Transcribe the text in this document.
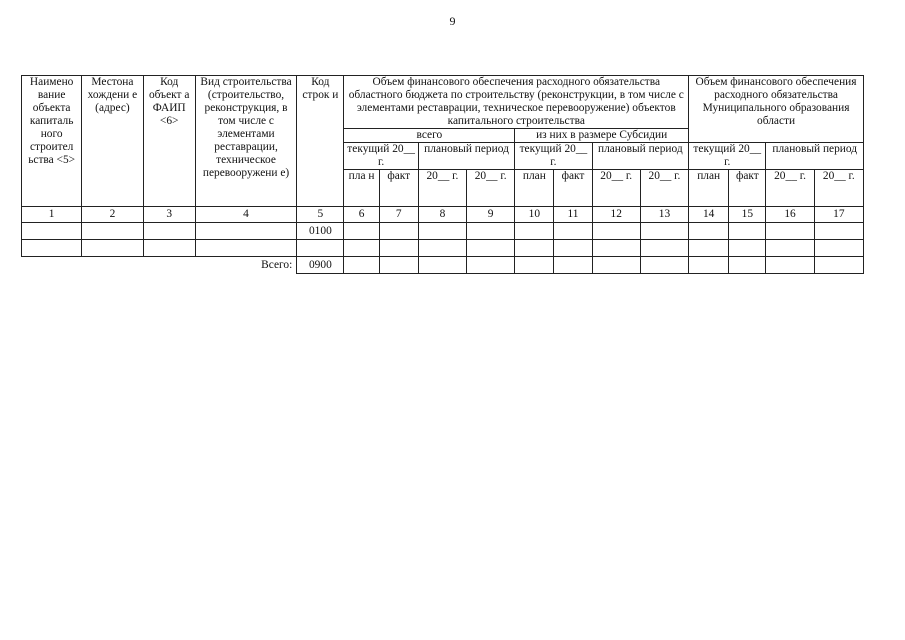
9
Наимено вание объекта капиталь ного строител ьства <5>	Местона хождени е (адрес)	Код объект а ФАИП <6>	Вид строительства (строительство, реконструкция, в том числе с элементами реставрации, техническое перевооружени е)	Код строк и	Объем финансового обеспечения расходного обязательства областного бюджета по строительству (реконструкции, в том числе с элементами реставрации, техническое перевооружение) объектов капитального строительства								Объем финансового обеспечения расходного обязательства Муниципального образования области			
					всего				из них в размере Субсидии							
					текущий 20__ г.		плановый период		текущий 20__ г.		плановый период		текущий 20__ г.		плановый период	
					пла н	факт	20__ г.	20__ г.	план	факт	20__ г.	20__ г.	план	факт	20__ г.	20__ г.
1	2	3	4	5	6	7	8	9	10	11	12	13	14	15	16	17
				0100												

Всего:				0900												
